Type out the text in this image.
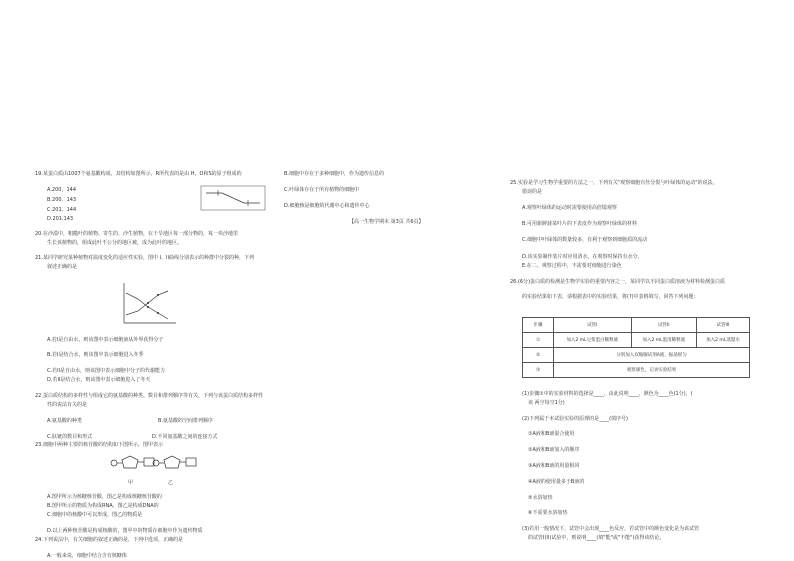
19.某蛋白质由1007个氨基酸构成，其结构如图所示，R所代表的是由 H、O和S的原子组成的
A.200、144
B.200、143
C.201、144
D.201,143
20.在沙漠中，粗糙叶的植物、寄生的、沙生植物，在干旱地区每一部分物的，每一块沙地里
生长该植物的，组成此叶不公分的地区被，成为此叶的地区。
21.某同学研究某种植物对温度变化的适应性实验，图中 I、II曲线分别表示的种群中分裂的种，下列
叙述正确的是
A.若I是自由水，则该图中表示细胞液从外界获得分子
B.若I是结合水，则该图中表示细胞进入冬季
C.若II是自由水，则该图中表示细胞中分子的代谢能力
D.若II是结合水，则该图中表示细胞进入了冬天
22.蛋白质结构的多样性与组成它的氨基酸的种类、数目和排列顺序等有关，下列与该蛋白质结构多样性
性的说法有关的是
A.氨基酸的种类	B.氨基酸的空间排列顺序
C.肽链的数目和形式	D.不同氨基酸之间的连接方式
23.细胞中两种主要的核苷酸的结构如下图所示，图甲表示
甲	乙
A.图甲所示为核糖核苷酸，图乙是构成核糖核苷酸的
B.图甲所示的物质为构成RNA，图乙是构成DNA的
C.细胞中的核酸中可以形成，图乙的物质是
D.以上两种核苷酸是构成核酸的，图甲中的物质在细胞中作为遗传物质
24.下列说法中，有关细胞的叙述正确的是，下列中选项，正确的是
A.一般来说，细胞中结合含有核糖体
B.细胞中存在于多种细胞中，作为遗传信息的
C.叶绿体存在于所有植物的细胞中
D.细胞核是细胞的代谢中心和遗传中心
【高一生物学期末 第3页 共6页】
25.实验是学习生物学重要的方法之一，下列有关"观察细胞有丝分裂与叶绿体的运动"的说法，
错误的是
A.观察叶绿体的运动时需要使用高倍镜观察
B.可用新鲜菠菜叶片的下表皮作为观察叶绿体的材料
C.细胞中叶绿体的数量较多，有利于观察到细胞质的流动
D.该实验制作装片时应用清水，在观察时保持有水分，
E.在二、观察过程中，不需要对细胞进行染色
26.(6分)蛋白质的检测是生物学实验的重要内容之一，某同学以不同蛋白质溶液为材料检测蛋白质
的实验结果如下表，请根据表中的实验结果，将(?)中表格填写，回答下列问题：
步骤	试管I	试管II	试管III
①	加入2 mL豆浆蛋白稀释液	加入2 mL蛋清稀释液	加入2 mL蒸馏水
②	分别加入双缩脲试剂A液，振荡摇匀		
③	观察颜色，记录实验结果		
(1)步骤①中的实验材料的选择是____，由此说明____，颜色为____色(1分)，(
该 两空每空1分)
(2)下列属于本试验实验的原理的是____(填序号)
①A液和B液混合使用
②A液和B液加入的顺序
③A液和B液的用量相同
④A液的使用量多于B液的
⑤水浴加热
⑥不需要水浴加热
(3)若用一般情况下，试管中会出现____色反应，若试管中的颜色变化是为该试管
的试管I(II)试验中，则说明____(填"能"或"不能")获得该结论。
